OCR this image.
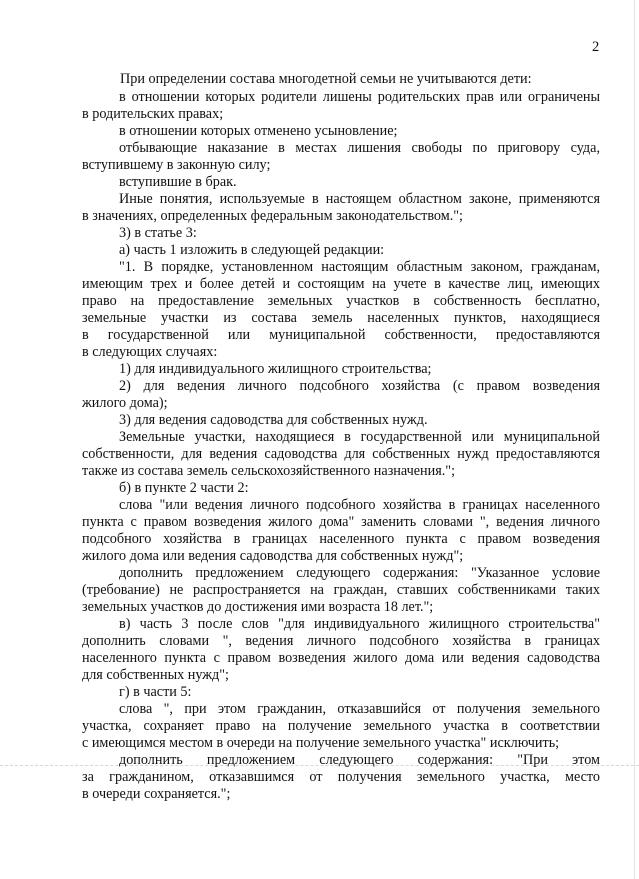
2
При определении состава многодетной семьи не учитываются дети:
в отношении которых родители лишены родительских прав или ограничены
в родительских правах;
в отношении которых отменено усыновление;
отбывающие наказание в местах лишения свободы по приговору суда,
вступившему в законную силу;
вступившие в брак.
Иные понятия, используемые в настоящем областном законе, применяются
в значениях, определенных федеральным законодательством.";
3) в статье 3:
а) часть 1 изложить в следующей редакции:
"1. В порядке, установленном настоящим областным законом, гражданам,
имеющим трех и более детей и состоящим на учете в качестве лиц, имеющих
право на предоставление земельных участков в собственность бесплатно,
земельные участки из состава земель населенных пунктов, находящиеся
в государственной или муниципальной собственности, предоставляются
в следующих случаях:
1) для индивидуального жилищного строительства;
2) для ведения личного подсобного хозяйства (с правом возведения
жилого дома);
3) для ведения садоводства для собственных нужд.
Земельные участки, находящиеся в государственной или муниципальной
собственности, для ведения садоводства для собственных нужд предоставляются
также из состава земель сельскохозяйственного назначения.";
б) в пункте 2 части 2:
слова "или ведения личного подсобного хозяйства в границах населенного
пункта с правом возведения жилого дома" заменить словами ", ведения личного
подсобного хозяйства в границах населенного пункта с правом возведения
жилого дома или ведения садоводства для собственных нужд";
дополнить предложением следующего содержания: "Указанное условие
(требование) не распространяется на граждан, ставших собственниками таких
земельных участков до достижения ими возраста 18 лет.";
в) часть 3 после слов "для индивидуального жилищного строительства"
дополнить словами ", ведения личного подсобного хозяйства в границах
населенного пункта с правом возведения жилого дома или ведения садоводства
для собственных нужд";
г) в части 5:
слова ", при этом гражданин, отказавшийся от получения земельного
участка, сохраняет право на получение земельного участка в соответствии
с имеющимся местом в очереди на получение земельного участка" исключить;
дополнить предложением следующего содержания: "При этом
за гражданином, отказавшимся от получения земельного участка, место
в очереди сохраняется.";
